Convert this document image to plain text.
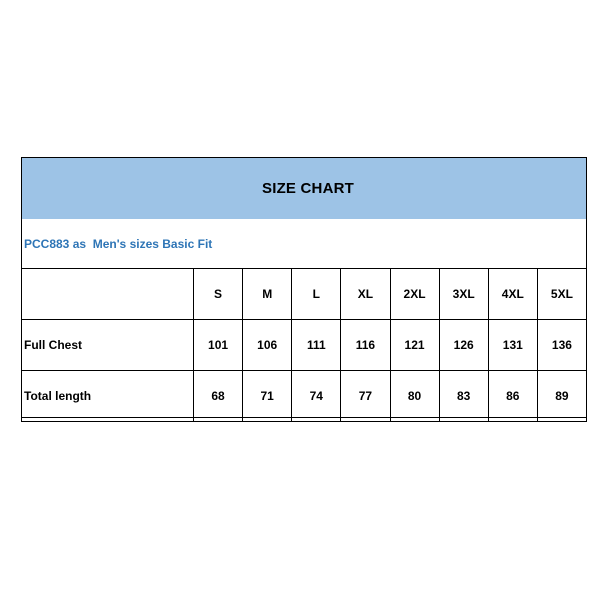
SIZE CHART
PCC883 as  Men's sizes Basic Fit
	S	M	L	XL	2XL	3XL	4XL	5XL
Full Chest	101	106	111	116	121	126	131	136
Total length	68	71	74	77	80	83	86	89
